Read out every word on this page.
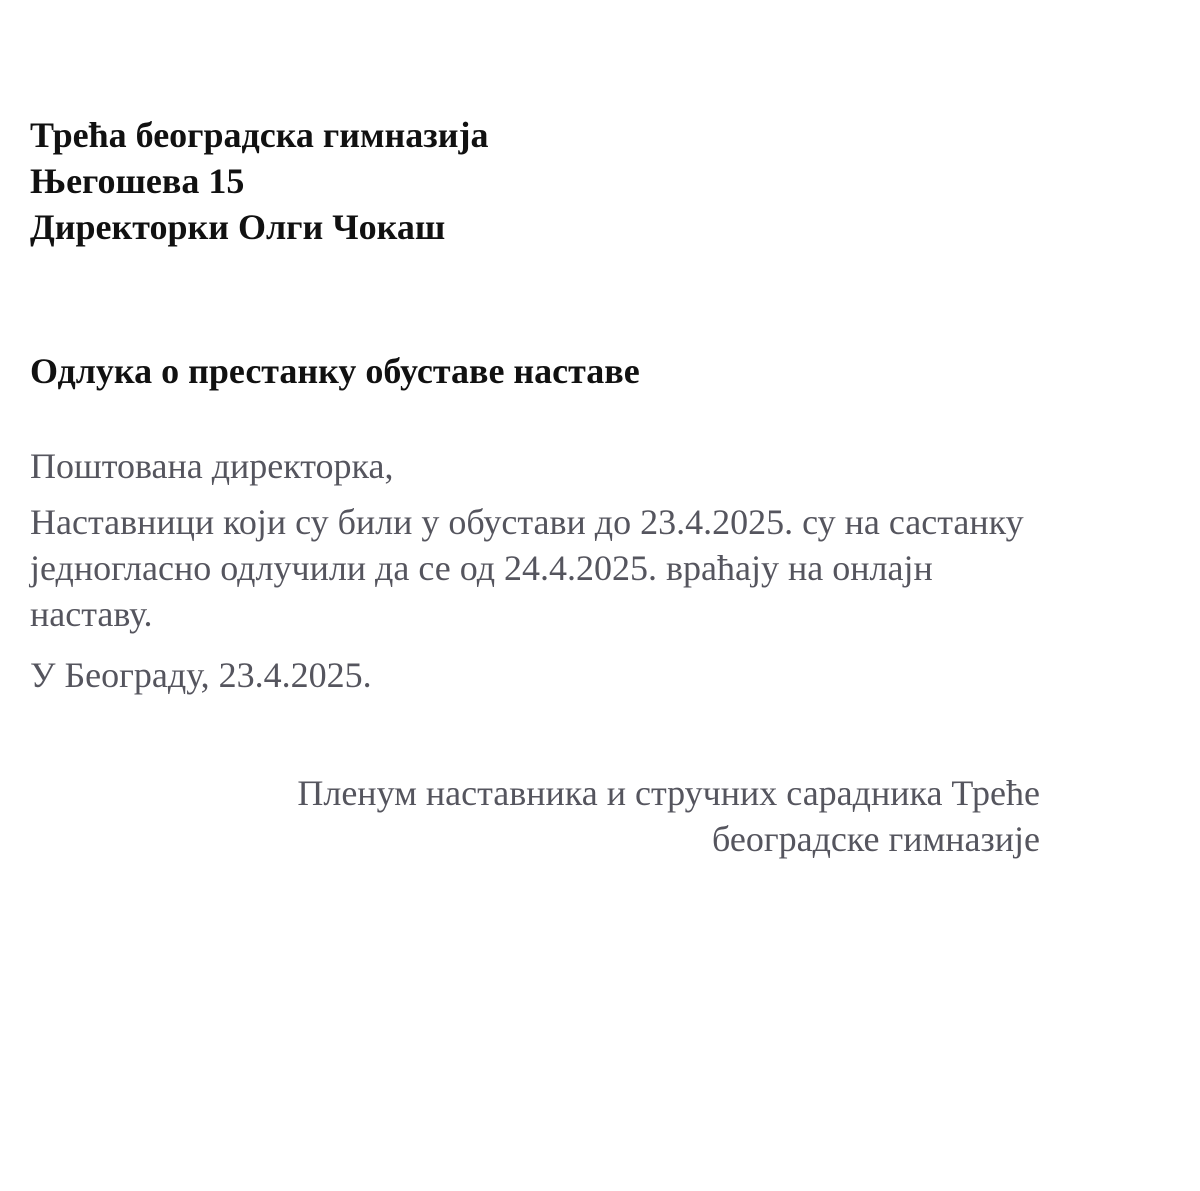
Трећа београдска гимназија
Његошева 15
Директорки Олги Чокаш
Одлука о престанку обуставе наставе

Поштована директорка,

Наставници који су били у обустави до 23.4.2025. су на састанку једногласно одлучили да се од 24.4.2025. враћају на онлајн наставу.

У Београду, 23.4.2025.

Пленум наставника и стручних сарадника Треће
београдске гимназије
